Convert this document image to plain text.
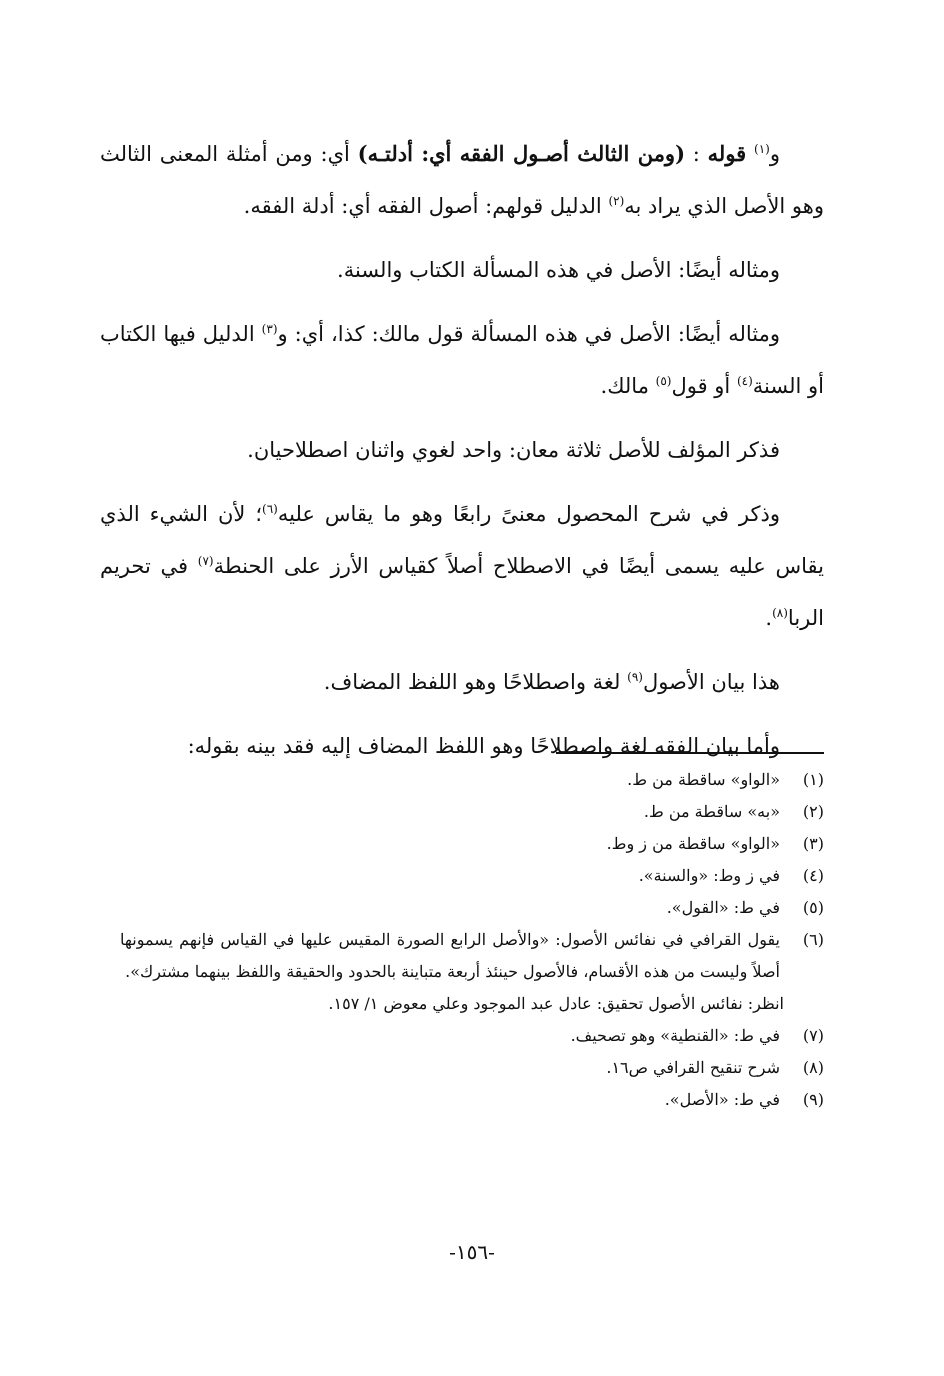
و$^{(١)}$ قوله : (ومن الثالث أصـول الفقه أي: أدلتـه) أي: ومن أمثلة المعنى الثالث وهو الأصل الذي يراد به$^{(٢)}$ الدليل قولهم: أصول الفقه أي: أدلة الفقه.

ومثاله أيضًا: الأصل في هذه المسألة الكتاب والسنة.

ومثاله أيضًا: الأصل في هذه المسألة قول مالك: كذا، أي: و$^{(٣)}$ الدليل فيها الكتاب أو السنة$^{(٤)}$ أو قول$^{(٥)}$ مالك.

فذكر المؤلف للأصل ثلاثة معان: واحد لغوي واثنان اصطلاحيان.

وذكر في شرح المحصول معنىً رابعًا وهو ما يقاس عليه$^{(٦)}$؛ لأن الشيء الذي يقاس عليه يسمى أيضًا في الاصطلاح أصلاً كقياس الأرز على الحنطة$^{(٧)}$ في تحريم الربا$^{(٨)}$.

هذا بيان الأصول$^{(٩)}$ لغة واصطلاحًا وهو اللفظ المضاف.

وأما بيان الفقه لغة واصطلاحًا وهو اللفظ المضاف إليه فقد بينه بقوله:

(١)
«الواو» ساقطة من ط.
(٢)
«به» ساقطة من ط.
(٣)
«الواو» ساقطة من ز وط.
(٤)
في ز وط: «والسنة».
(٥)
في ط: «القول».
(٦)
يقول القرافي في نفائس الأصول: «والأصل الرابع الصورة المقيس عليها في القياس فإنهم يسمونها أصلاً وليست من هذه الأقسام، فالأصول حينئذ أربعة متباينة بالحدود والحقيقة واللفظ بينهما مشترك».
انظر: نفائس الأصول تحقيق: عادل عبد الموجود وعلي معوض ١/ ١٥٧.
(٧)
في ط: «القنطية» وهو تصحيف.
(٨)
شرح تنقيح القرافي ص١٦.
(٩)
في ط: «الأصل».
-١٥٦-
